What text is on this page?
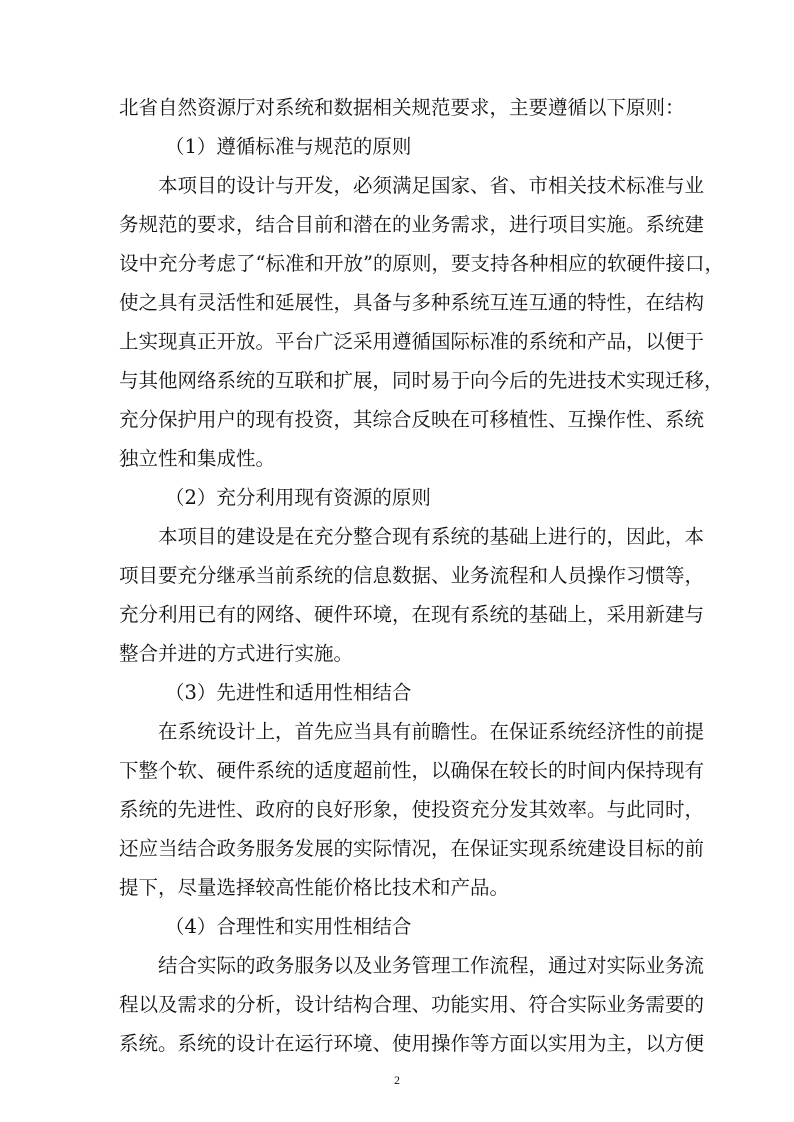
北省自然资源厅对系统和数据相关规范要求，主要遵循以下原则：
（1）遵循标准与规范的原则
本项目的设计与开发，必须满足国家、省、市相关技术标准与业
务规范的要求，结合目前和潜在的业务需求，进行项目实施。系统建
设中充分考虑了“标准和开放”的原则，要支持各种相应的软硬件接口，
使之具有灵活性和延展性，具备与多种系统互连互通的特性，在结构
上实现真正开放。平台广泛采用遵循国际标准的系统和产品，以便于
与其他网络系统的互联和扩展，同时易于向今后的先进技术实现迁移，
充分保护用户的现有投资，其综合反映在可移植性、互操作性、系统
独立性和集成性。
（2）充分利用现有资源的原则
本项目的建设是在充分整合现有系统的基础上进行的，因此，本
项目要充分继承当前系统的信息数据、业务流程和人员操作习惯等，
充分利用已有的网络、硬件环境，在现有系统的基础上，采用新建与
整合并进的方式进行实施。
（3）先进性和适用性相结合
在系统设计上，首先应当具有前瞻性。在保证系统经济性的前提
下整个软、硬件系统的适度超前性，以确保在较长的时间内保持现有
系统的先进性、政府的良好形象，使投资充分发其效率。与此同时，
还应当结合政务服务发展的实际情况，在保证实现系统建设目标的前
提下，尽量选择较高性能价格比技术和产品。
（4）合理性和实用性相结合
结合实际的政务服务以及业务管理工作流程，通过对实际业务流
程以及需求的分析，设计结构合理、功能实用、符合实际业务需要的
系统。系统的设计在运行环境、使用操作等方面以实用为主，以方便
2
